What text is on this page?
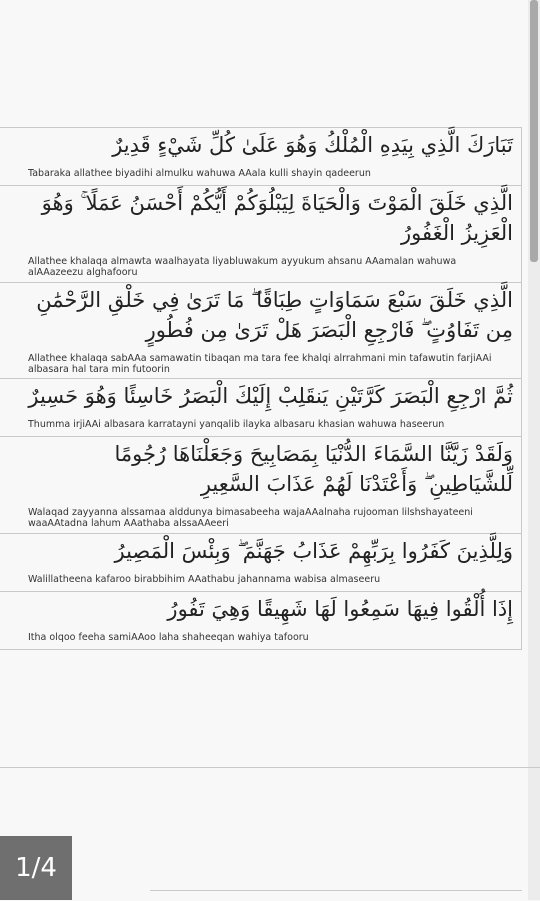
تَبَارَكَ الَّذِي بِيَدِهِ الْمُلْكُ وَهُوَ عَلَىٰ كُلِّ شَيْءٍ قَدِيرٌ

Tabaraka allathee biyadihi almulku wahuwa AAala kulli shayin qadeerun

الَّذِي خَلَقَ الْمَوْتَ وَالْحَيَاةَ لِيَبْلُوَكُمْ أَيُّكُمْ أَحْسَنُ عَمَلًا ۚ وَهُوَ الْعَزِيزُ الْغَفُورُ

Allathee khalaqa almawta waalhayata liyabluwakum ayyukum ahsanu AAamalan wahuwa alAAazeezu alghafooru

الَّذِي خَلَقَ سَبْعَ سَمَاوَاتٍ طِبَاقًا ۖ مَا تَرَىٰ فِي خَلْقِ الرَّحْمَٰنِ مِن تَفَاوُتٍ ۖ فَارْجِعِ الْبَصَرَ هَلْ تَرَىٰ مِن فُطُورٍ

Allathee khalaqa sabAAa samawatin tibaqan ma tara fee khalqi alrrahmani min tafawutin farjiAAi albasara hal tara min futoorin

ثُمَّ ارْجِعِ الْبَصَرَ كَرَّتَيْنِ يَنقَلِبْ إِلَيْكَ الْبَصَرُ خَاسِئًا وَهُوَ حَسِيرٌ

Thumma irjiAAi albasara karratayni yanqalib ilayka albasaru khasian wahuwa haseerun

وَلَقَدْ زَيَّنَّا السَّمَاءَ الدُّنْيَا بِمَصَابِيحَ وَجَعَلْنَاهَا رُجُومًا لِّلشَّيَاطِينِ ۖ وَأَعْتَدْنَا لَهُمْ عَذَابَ السَّعِيرِ

Walaqad zayyanna alssamaa alddunya bimasabeeha wajaAAalnaha rujooman lilshshayateeni waaAAtadna lahum AAathaba alssaAAeeri

وَلِلَّذِينَ كَفَرُوا بِرَبِّهِمْ عَذَابُ جَهَنَّمَ ۖ وَبِئْسَ الْمَصِيرُ

Walillatheena kafaroo birabbihim AAathabu jahannama wabisa almaseeru

إِذَا أُلْقُوا فِيهَا سَمِعُوا لَهَا شَهِيقًا وَهِيَ تَفُورُ

Itha olqoo feeha samiAAoo laha shaheeqan wahiya tafooru
1/4
